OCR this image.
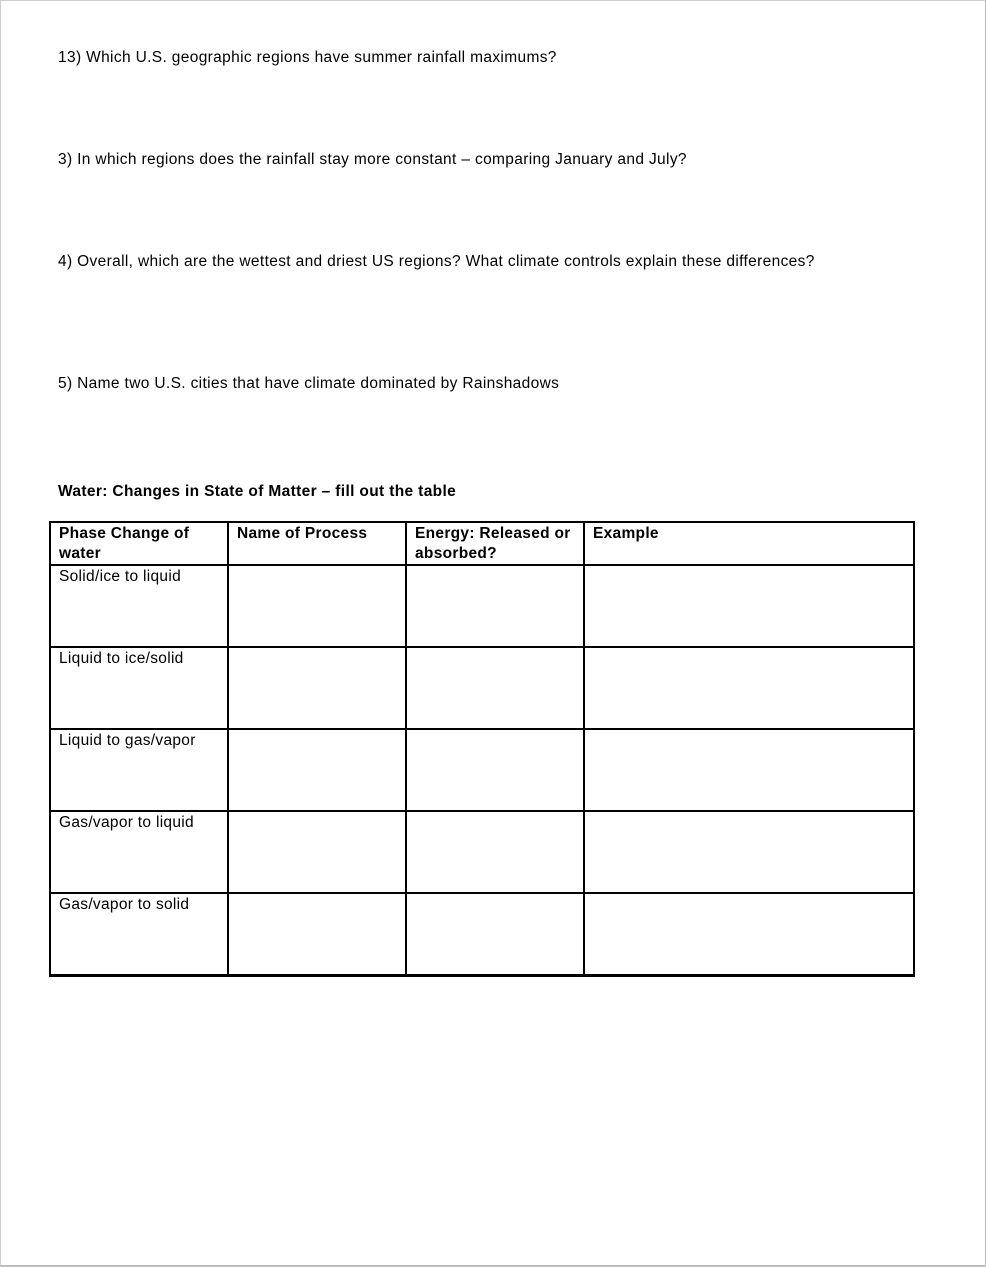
13) Which U.S. geographic regions have summer rainfall maximums?
3) In which regions does the rainfall stay more constant – comparing January and July?
4) Overall, which are the wettest and driest US regions? What climate controls explain these differences?
5) Name two U.S. cities that have climate dominated by Rainshadows
Water: Changes in State of Matter – fill out the table
Phase Change of water	Name of Process	Energy: Released or absorbed?	Example
Solid/ice to liquid			
Liquid to ice/solid			
Liquid to gas/vapor			
Gas/vapor to liquid			
Gas/vapor to solid			
